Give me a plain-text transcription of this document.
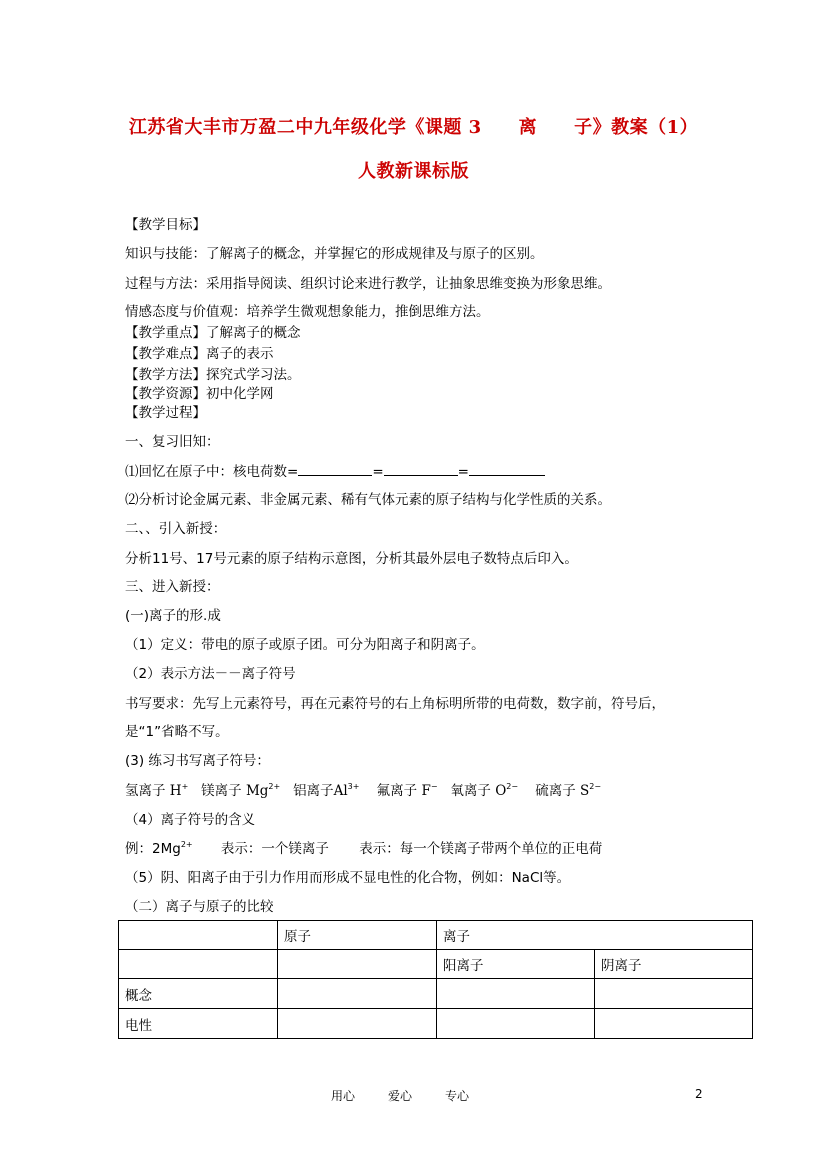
江苏省大丰市万盈二中九年级化学《课题 3　　离　　子》教案（1）
人教新课标版
【教学目标】
知识与技能：了解离子的概念，并掌握它的形成规律及与原子的区别。
过程与方法：采用指导阅读、组织讨论来进行教学，让抽象思维变换为形象思维。
情感态度与价值观：培养学生微观想象能力，推倒思维方法。
【教学重点】了解离子的概念
【教学难点】离子的表示
【教学方法】探究式学习法。
【教学资源】初中化学网
【教学过程】
一、复习旧知：
⑴回忆在原子中：核电荷数=	=	=
⑵分析讨论金属元素、非金属元素、稀有气体元素的原子结构与化学性质的关系。
二、、引入新授：
分析11号、17号元素的原子结构示意图，分析其最外层电子数特点后印入。
三、进入新授：
(一)离子的形.成
（1）定义：带电的原子或原子团。可分为阳离子和阴离子。
（2）表示方法－－离子符号
书写要求：先写上元素符号，再在元素符号的右上角标明所带的电荷数，数字前，符号后，
是“1”省略不写。
(3) 练习书写离子符号：
氢离子 H+ 镁离子 $Mg^{2+}$ 铝离子$Al^{3+}$ 氟离子 F− 氧离子 $O^{2-}$ 硫离子 $S^{2-}$
（4）离子符号的含义
例：$2Mg^{2+}$ 表示：一个镁离子 表示：每一个镁离子带两个单位的正电荷
（5）阴、阳离子由于引力作用而形成不显电性的化合物，例如：NaCl等。
（二）离子与原子的比较
	原子	离子	
		阳离子	阴离子
概念			
电性			
用心	爱心	专心	2
